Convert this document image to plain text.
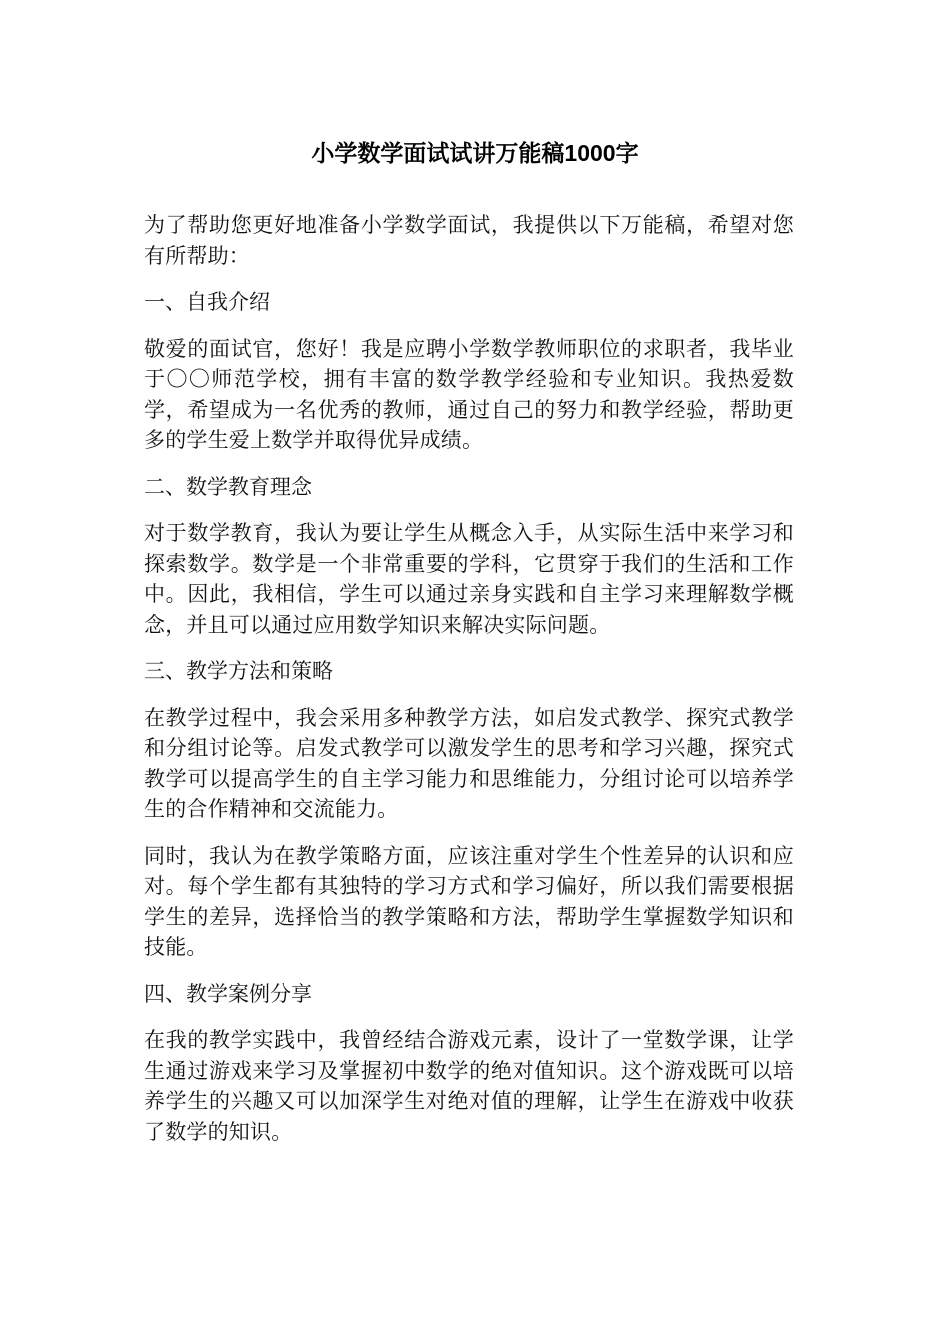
小学数学面试试讲万能稿1000字

为了帮助您更好地准备小学数学面试，我提供以下万能稿，希望对您有所帮助：

一、自我介绍

敬爱的面试官，您好！我是应聘小学数学教师职位的求职者，我毕业于〇〇师范学校，拥有丰富的数学教学经验和专业知识。我热爱数学，希望成为一名优秀的教师，通过自己的努力和教学经验，帮助更多的学生爱上数学并取得优异成绩。

二、数学教育理念

对于数学教育，我认为要让学生从概念入手，从实际生活中来学习和探索数学。数学是一个非常重要的学科，它贯穿于我们的生活和工作中。因此，我相信，学生可以通过亲身实践和自主学习来理解数学概念，并且可以通过应用数学知识来解决实际问题。

三、教学方法和策略

在教学过程中，我会采用多种教学方法，如启发式教学、探究式教学和分组讨论等。启发式教学可以激发学生的思考和学习兴趣，探究式教学可以提高学生的自主学习能力和思维能力，分组讨论可以培养学生的合作精神和交流能力。

同时，我认为在教学策略方面，应该注重对学生个性差异的认识和应对。每个学生都有其独特的学习方式和学习偏好，所以我们需要根据学生的差异，选择恰当的教学策略和方法，帮助学生掌握数学知识和技能。

四、教学案例分享

在我的教学实践中，我曾经结合游戏元素，设计了一堂数学课，让学生通过游戏来学习及掌握初中数学的绝对值知识。这个游戏既可以培养学生的兴趣又可以加深学生对绝对值的理解，让学生在游戏中收获了数学的知识。
